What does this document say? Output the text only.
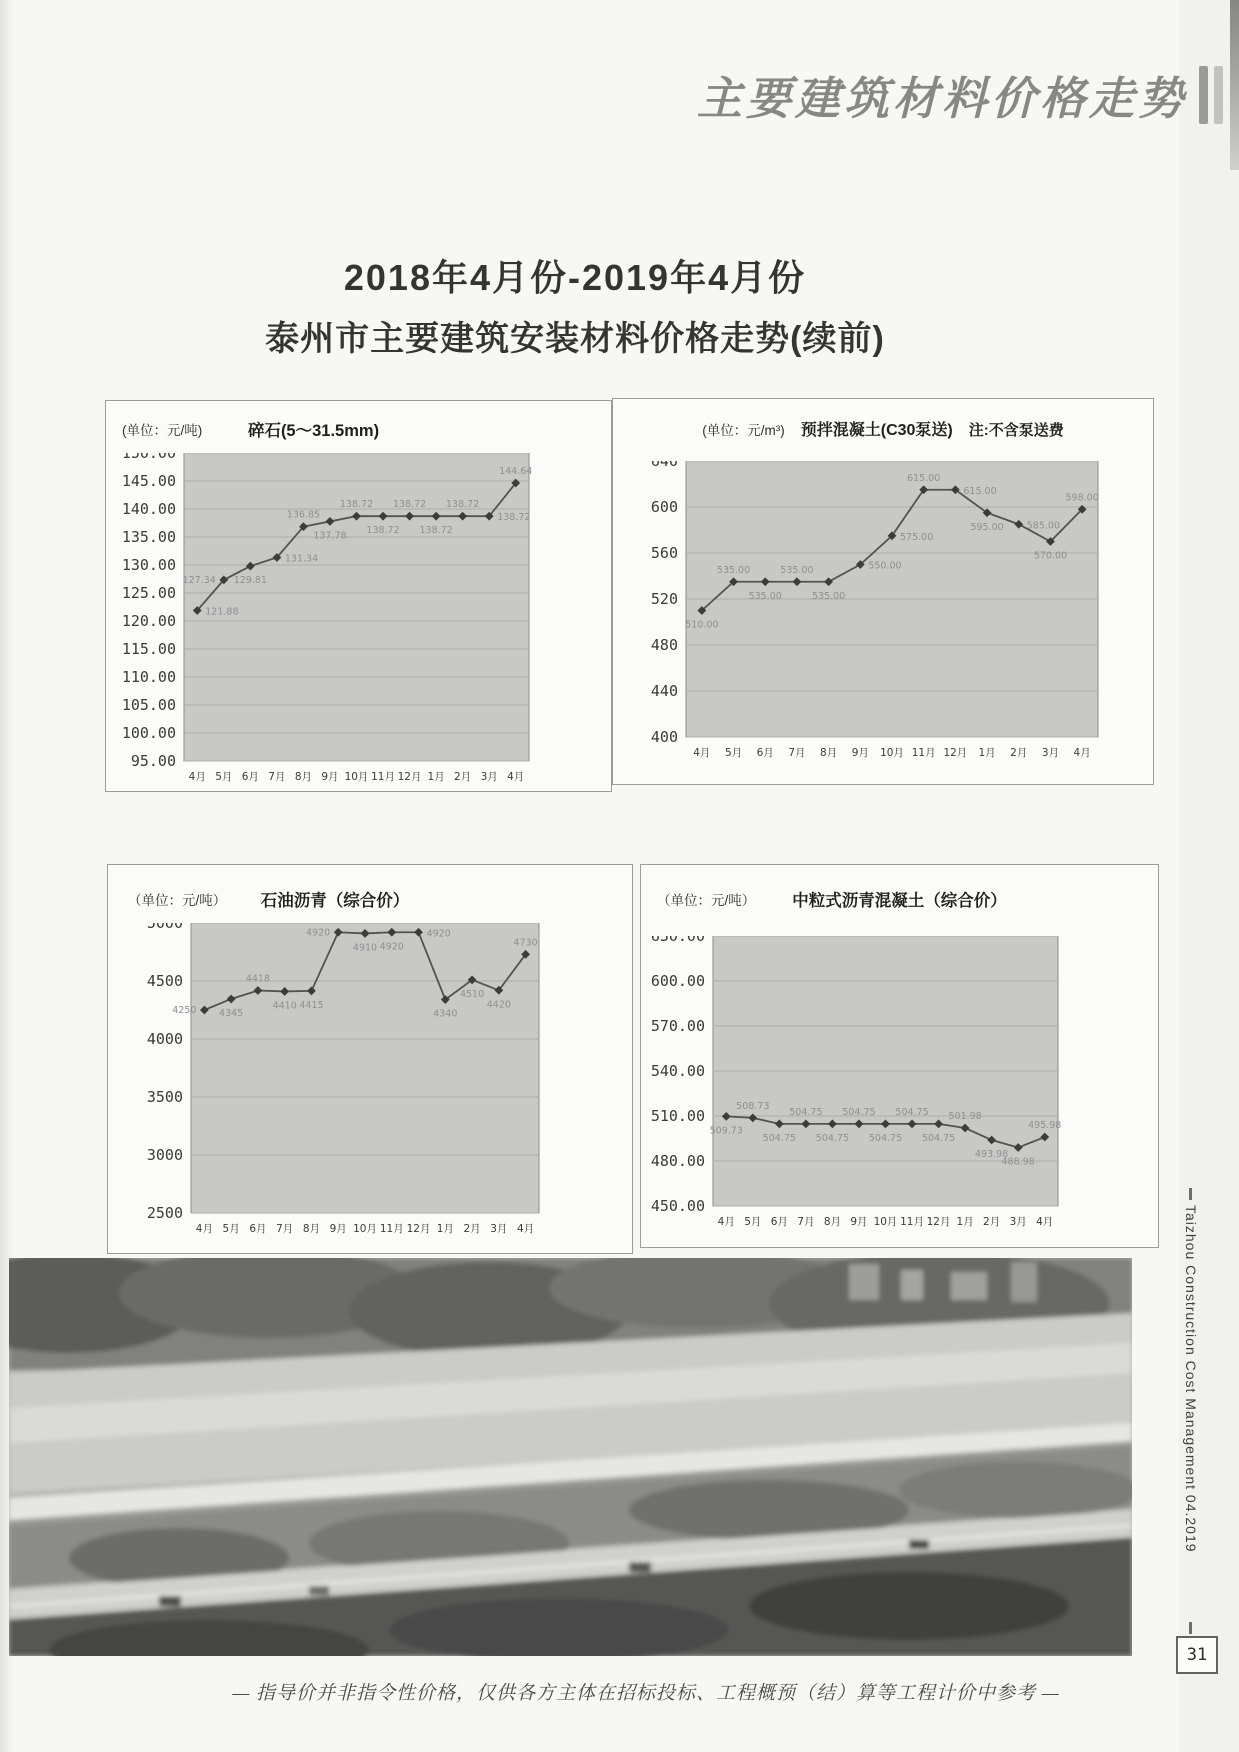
主要建筑材料价格走势
2018年4月份-2019年4月份
泰州市主要建筑安装材料价格走势(续前)
(单位：元/吨)	碎石(5～31.5mm)
150.00
145.00
140.00
135.00
130.00
125.00
120.00
115.00
110.00
105.00
100.00
95.00
121.88
4月
127.34
5月
129.81
6月
131.34
7月
136.85
8月
137.78
9月
138.72
10月
138.72
11月
138.72
12月
138.72
1月
138.72
2月
138.72
3月
144.64
4月
(单位：元/m³) 预拌混凝土(C30泵送) 注:不含泵送费
640
600
560
520
480
440
400
510.00
4月
535.00
5月
535.00
6月
535.00
7月
535.00
8月
550.00
9月
575.00
10月
615.00
11月
615.00
12月
595.00
1月
585.00
2月
570.00
3月
598.00
4月
（单位：元/吨）	石油沥青（综合价）
5000
4500
4000
3500
3000
2500
4250
4月
4345
5月
4418
6月
4410
7月
4415
8月
4920
9月
4910
10月
4920
11月
4920
12月
4340
1月
4510
2月
4420
3月
4730
4月
（单位：元/吨）	中粒式沥青混凝土（综合价）
630.00
600.00
570.00
540.00
510.00
480.00
450.00
509.73
4月
508.73
5月
504.75
6月
504.75
7月
504.75
8月
504.75
9月
504.75
10月
504.75
11月
504.75
12月
501.98
1月
493.98
2月
488.98
3月
495.98
4月	Taizhou Construction Cost Management 04.2019
31
— 指导价并非指令性价格，仅供各方主体在招标投标、工程概预（结）算等工程计价中参考 —
